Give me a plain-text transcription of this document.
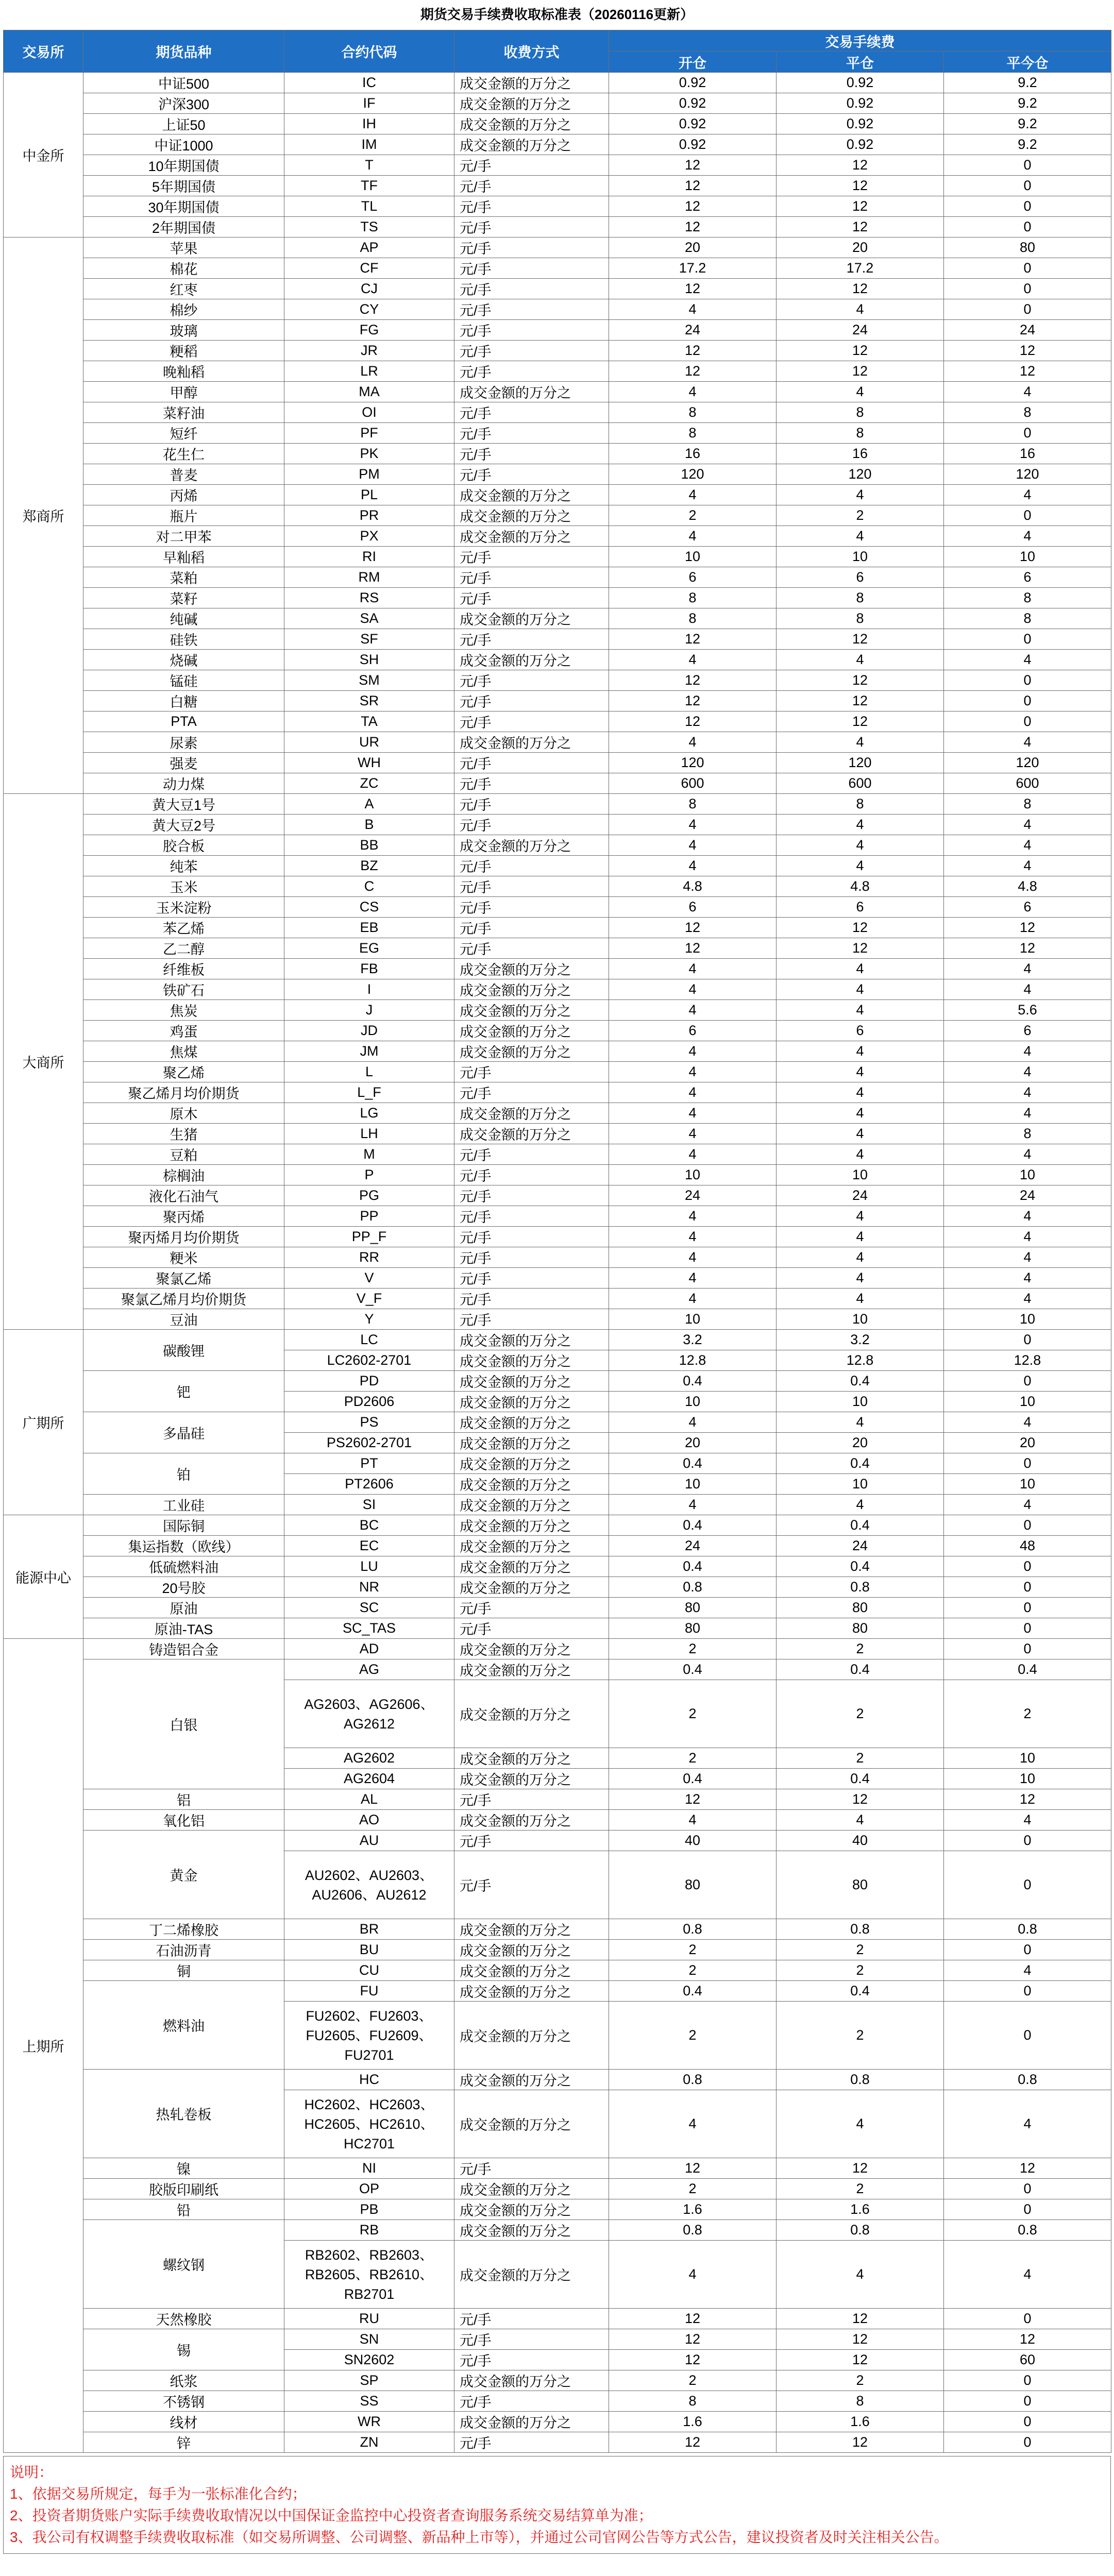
期货交易手续费收取标准表（20260116更新）
交易所	期货品种	合约代码	收费方式	交易手续费		
				开仓	平仓	平今仓
中金所	中证500	IC	成交金额的万分之	0.92	0.92	9.2
	沪深300	IF	成交金额的万分之	0.92	0.92	9.2
	上证50	IH	成交金额的万分之	0.92	0.92	9.2
	中证1000	IM	成交金额的万分之	0.92	0.92	9.2
	10年期国债	T	元/手	12	12	0
	5年期国债	TF	元/手	12	12	0
	30年期国债	TL	元/手	12	12	0
	2年期国债	TS	元/手	12	12	0
郑商所	苹果	AP	元/手	20	20	80
	棉花	CF	元/手	17.2	17.2	0
	红枣	CJ	元/手	12	12	0
	棉纱	CY	元/手	4	4	0
	玻璃	FG	元/手	24	24	24
	粳稻	JR	元/手	12	12	12
	晚籼稻	LR	元/手	12	12	12
	甲醇	MA	成交金额的万分之	4	4	4
	菜籽油	OI	元/手	8	8	8
	短纤	PF	元/手	8	8	0
	花生仁	PK	元/手	16	16	16
	普麦	PM	元/手	120	120	120
	丙烯	PL	成交金额的万分之	4	4	4
	瓶片	PR	成交金额的万分之	2	2	0
	对二甲苯	PX	成交金额的万分之	4	4	4
	早籼稻	RI	元/手	10	10	10
	菜粕	RM	元/手	6	6	6
	菜籽	RS	元/手	8	8	8
	纯碱	SA	成交金额的万分之	8	8	8
	硅铁	SF	元/手	12	12	0
	烧碱	SH	成交金额的万分之	4	4	4
	锰硅	SM	元/手	12	12	0
	白糖	SR	元/手	12	12	0
	PTA	TA	元/手	12	12	0
	尿素	UR	成交金额的万分之	4	4	4
	强麦	WH	元/手	120	120	120
	动力煤	ZC	元/手	600	600	600
大商所	黄大豆1号	A	元/手	8	8	8
	黄大豆2号	B	元/手	4	4	4
	胶合板	BB	成交金额的万分之	4	4	4
	纯苯	BZ	元/手	4	4	4
	玉米	C	元/手	4.8	4.8	4.8
	玉米淀粉	CS	元/手	6	6	6
	苯乙烯	EB	元/手	12	12	12
	乙二醇	EG	元/手	12	12	12
	纤维板	FB	成交金额的万分之	4	4	4
	铁矿石	I	成交金额的万分之	4	4	4
	焦炭	J	成交金额的万分之	4	4	5.6
	鸡蛋	JD	成交金额的万分之	6	6	6
	焦煤	JM	成交金额的万分之	4	4	4
	聚乙烯	L	元/手	4	4	4
	聚乙烯月均价期货	L_F	元/手	4	4	4
	原木	LG	成交金额的万分之	4	4	4
	生猪	LH	成交金额的万分之	4	4	8
	豆粕	M	元/手	4	4	4
	棕榈油	P	元/手	10	10	10
	液化石油气	PG	元/手	24	24	24
	聚丙烯	PP	元/手	4	4	4
	聚丙烯月均价期货	PP_F	元/手	4	4	4
	粳米	RR	元/手	4	4	4
	聚氯乙烯	V	元/手	4	4	4
	聚氯乙烯月均价期货	V_F	元/手	4	4	4
	豆油	Y	元/手	10	10	10
广期所	碳酸锂	LC	成交金额的万分之	3.2	3.2	0
		LC2602-2701	成交金额的万分之	12.8	12.8	12.8
	钯	PD	成交金额的万分之	0.4	0.4	0
		PD2606	成交金额的万分之	10	10	10
	多晶硅	PS	成交金额的万分之	4	4	4
		PS2602-2701	成交金额的万分之	20	20	20
	铂	PT	成交金额的万分之	0.4	0.4	0
		PT2606	成交金额的万分之	10	10	10
	工业硅	SI	成交金额的万分之	4	4	4
能源中心	国际铜	BC	成交金额的万分之	0.4	0.4	0
	集运指数（欧线）	EC	成交金额的万分之	24	24	48
	低硫燃料油	LU	成交金额的万分之	0.4	0.4	0
	20号胶	NR	成交金额的万分之	0.8	0.8	0
	原油	SC	元/手	80	80	0
	原油-TAS	SC_TAS	元/手	80	80	0
上期所	铸造铝合金	AD	成交金额的万分之	2	2	0
	白银	AG	成交金额的万分之	0.4	0.4	0.4
		AG2603、AG2606、AG2612	成交金额的万分之	2	2	2
		AG2602	成交金额的万分之	2	2	10
		AG2604	成交金额的万分之	0.4	0.4	10
	铝	AL	元/手	12	12	12
	氧化铝	AO	成交金额的万分之	4	4	4
	黄金	AU	元/手	40	40	0
		AU2602、AU2603、AU2606、AU2612	元/手	80	80	0
	丁二烯橡胶	BR	成交金额的万分之	0.8	0.8	0.8
	石油沥青	BU	成交金额的万分之	2	2	0
	铜	CU	成交金额的万分之	2	2	4
	燃料油	FU	成交金额的万分之	0.4	0.4	0
		FU2602、FU2603、FU2605、FU2609、FU2701	成交金额的万分之	2	2	0
	热轧卷板	HC	成交金额的万分之	0.8	0.8	0.8
		HC2602、HC2603、HC2605、HC2610、HC2701	成交金额的万分之	4	4	4
	镍	NI	元/手	12	12	12
	胶版印刷纸	OP	成交金额的万分之	2	2	0
	铅	PB	成交金额的万分之	1.6	1.6	0
	螺纹钢	RB	成交金额的万分之	0.8	0.8	0.8
		RB2602、RB2603、RB2605、RB2610、RB2701	成交金额的万分之	4	4	4
	天然橡胶	RU	元/手	12	12	0
	锡	SN	元/手	12	12	12
		SN2602	元/手	12	12	60
	纸浆	SP	成交金额的万分之	2	2	0
	不锈钢	SS	元/手	8	8	0
	线材	WR	成交金额的万分之	1.6	1.6	0
	锌	ZN	元/手	12	12	0
说明：
1、依据交易所规定，每手为一张标准化合约；
2、投资者期货账户实际手续费收取情况以中国保证金监控中心投资者查询服务系统交易结算单为准；
3、我公司有权调整手续费收取标准（如交易所调整、公司调整、新品种上市等），并通过公司官网公告等方式公告，建议投资者及时关注相关公告。
